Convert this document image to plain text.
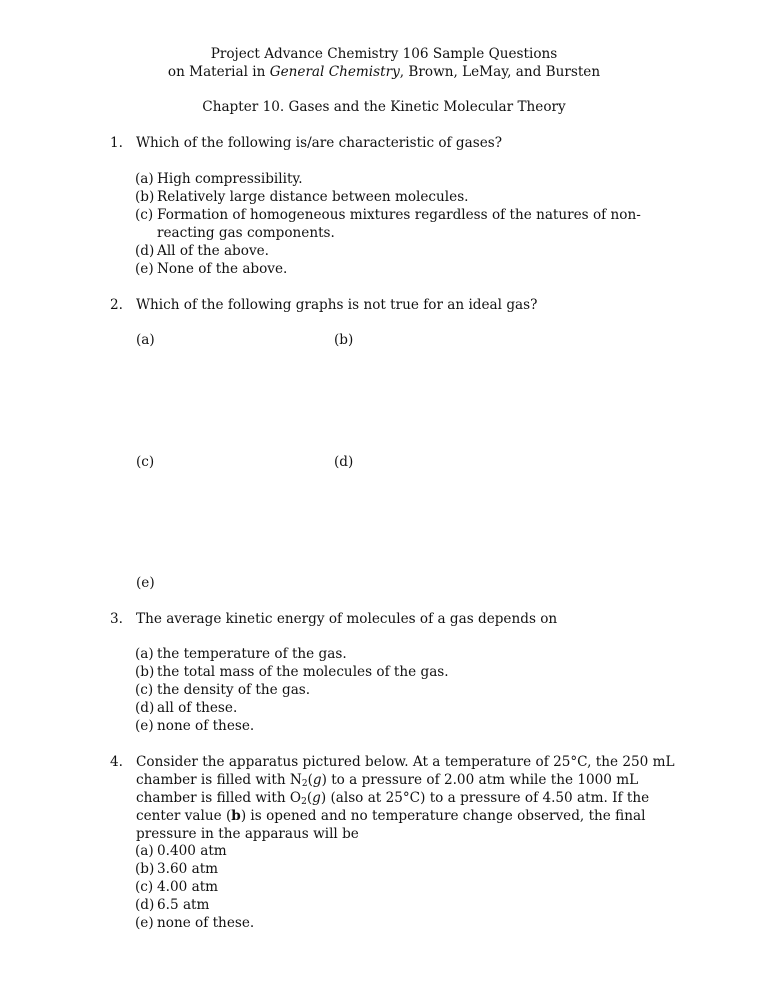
Project Advance Chemistry 106 Sample Questions
on Material in General Chemistry, Brown, LeMay, and Bursten
Chapter 10. Gases and the Kinetic Molecular Theory
1. Which of the following is/are characteristic of gases?
(a) High compressibility.
(b) Relatively large distance between molecules.
(c) Formation of homogeneous mixtures regardless of the natures of non-reacting gas components.
(d) All of the above.
(e) None of the above.
2. Which of the following graphs is not true for an ideal gas?
(a)	(b)
(c)	(d)
(e)
3. The average kinetic energy of molecules of a gas depends on
(a) the temperature of the gas.
(b) the total mass of the molecules of the gas.
(c) the density of the gas.
(d) all of these.
(e) none of these.
4. Consider the apparatus pictured below. At a temperature of 25°C, the 250 mL chamber is filled with $N_2(g)$ to a pressure of 2.00 atm while the 1000 mL chamber is filled with $O_2(g)$ (also at 25°C) to a pressure of 4.50 atm. If the center value (b) is opened and no temperature change observed, the final pressure in the apparaus will be
(a) 0.400 atm
(b) 3.60 atm
(c) 4.00 atm
(d) 6.5 atm
(e) none of these.
